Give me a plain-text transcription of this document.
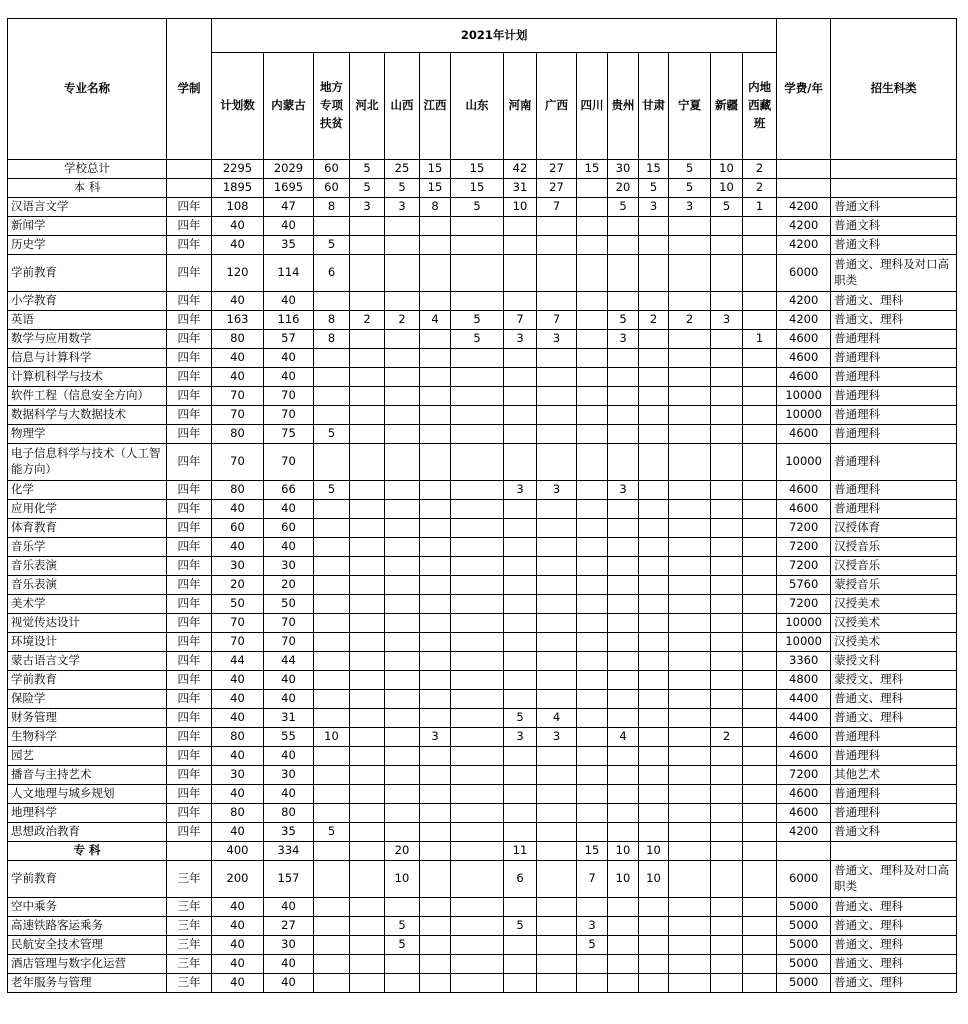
专业名称	学制	2021年计划															学费/年	招生科类
		计划数	内蒙古	地方专项扶贫	河北	山西	江西	山东	河南	广西	四川	贵州	甘肃	宁夏	新疆	内地西藏班		
学校总计		2295	2029	60	5	25	15	15	42	27	15	30	15	5	10	2		
本 科		1895	1695	60	5	5	15	15	31	27		20	5	5	10	2		
汉语言文学	四年	108	47	8	3	3	8	5	10	7		5	3	3	5	1	4200	普通文科
新闻学	四年	40	40														4200	普通文科
历史学	四年	40	35	5													4200	普通文科
学前教育	四年	120	114	6													6000	普通文、理科及对口高职类
小学教育	四年	40	40														4200	普通文、理科
英语	四年	163	116	8	2	2	4	5	7	7		5	2	2	3		4200	普通文、理科
数学与应用数学	四年	80	57	8				5	3	3		3				1	4600	普通理科
信息与计算科学	四年	40	40														4600	普通理科
计算机科学与技术	四年	40	40														4600	普通理科
软件工程（信息安全方向）	四年	70	70														10000	普通理科
数据科学与大数据技术	四年	70	70														10000	普通理科
物理学	四年	80	75	5													4600	普通理科
电子信息科学与技术（人工智能方向）	四年	70	70														10000	普通理科
化学	四年	80	66	5					3	3		3					4600	普通理科
应用化学	四年	40	40														4600	普通理科
体育教育	四年	60	60														7200	汉授体育
音乐学	四年	40	40														7200	汉授音乐
音乐表演	四年	30	30														7200	汉授音乐
音乐表演	四年	20	20														5760	蒙授音乐
美术学	四年	50	50														7200	汉授美术
视觉传达设计	四年	70	70														10000	汉授美术
环境设计	四年	70	70														10000	汉授美术
蒙古语言文学	四年	44	44														3360	蒙授文科
学前教育	四年	40	40														4800	蒙授文、理科
保险学	四年	40	40														4400	普通文、理科
财务管理	四年	40	31						5	4							4400	普通文、理科
生物科学	四年	80	55	10			3		3	3		4			2		4600	普通理科
园艺	四年	40	40														4600	普通理科
播音与主持艺术	四年	30	30														7200	其他艺术
人文地理与城乡规划	四年	40	40														4600	普通理科
地理科学	四年	80	80														4600	普通理科
思想政治教育	四年	40	35	5													4200	普通文科
专 科		400	334			20			11		15	10	10					
学前教育	三年	200	157			10			6		7	10	10				6000	普通文、理科及对口高职类
空中乘务	三年	40	40														5000	普通文、理科
高速铁路客运乘务	三年	40	27			5			5		3						5000	普通文、理科
民航安全技术管理	三年	40	30			5					5						5000	普通文、理科
酒店管理与数字化运营	三年	40	40														5000	普通文、理科
老年服务与管理	三年	40	40														5000	普通文、理科
